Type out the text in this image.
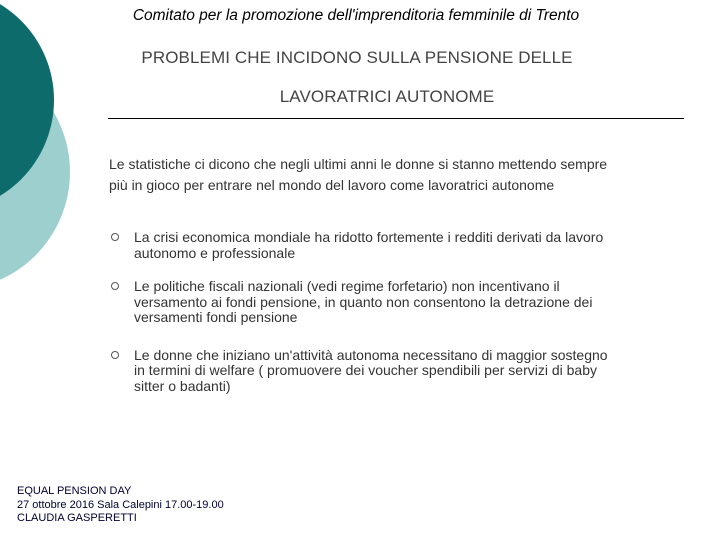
Comitato per la promozione dell'imprenditoria femminile di Trento
PROBLEMI CHE INCIDONO SULLA PENSIONE DELLE
LAVORATRICI AUTONOME
Le statistiche ci dicono che negli ultimi anni le donne si stanno mettendo sempre
più in gioco per entrare nel mondo del lavoro come lavoratrici autonome
La crisi economica mondiale ha ridotto fortemente i redditi derivati da lavoro
autonomo e professionale
Le politiche fiscali nazionali (vedi regime forfetario) non incentivano il
versamento ai fondi pensione, in quanto non consentono la detrazione dei
versamenti fondi pensione
Le donne che iniziano un'attività autonoma necessitano di maggior sostegno
in termini di welfare ( promuovere dei voucher spendibili per servizi di baby
sitter o badanti)
EQUAL PENSION DAY
27 ottobre 2016 Sala Calepini 17.00-19.00
CLAUDIA GASPERETTI
